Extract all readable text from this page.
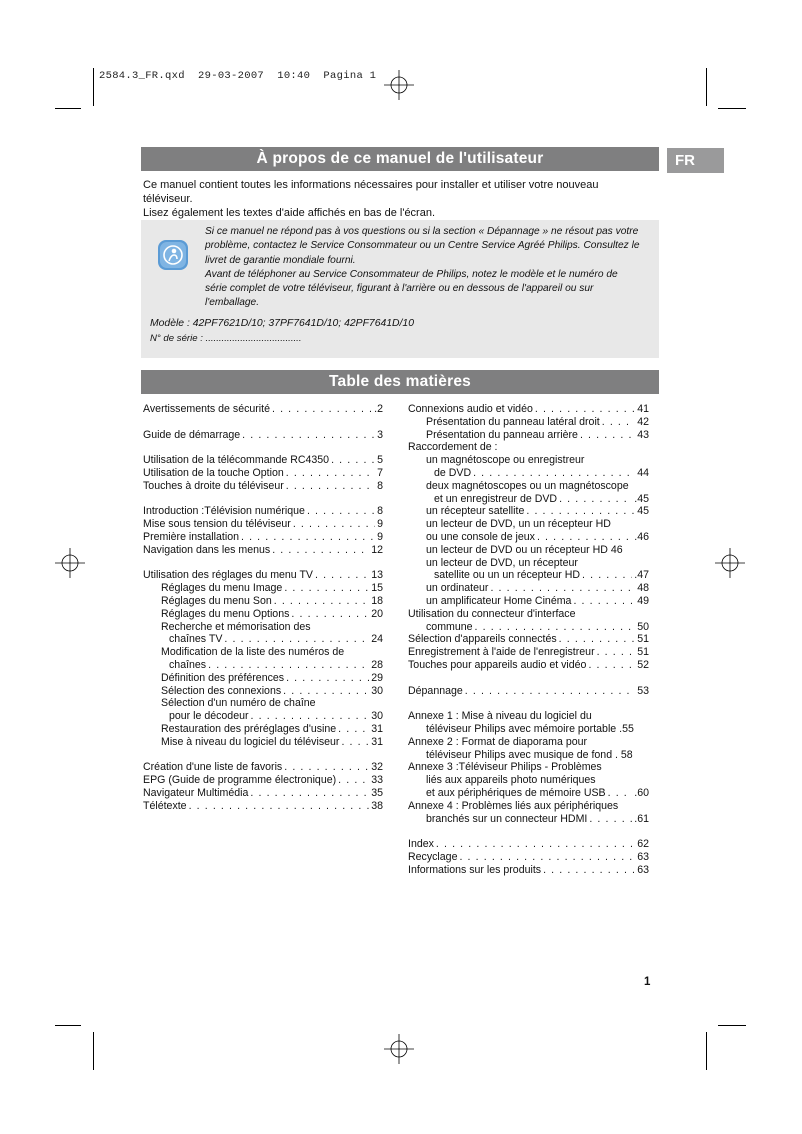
2584.3_FR.qxd  29-03-2007  10:40  Pagina 1
À propos de ce manuel de l'utilisateur	FR

Ce manuel contient toutes les informations nécessaires pour installer et utiliser votre nouveau

téléviseur.

Lisez également les textes d'aide affichés en bas de l'écran.

Si ce manuel ne répond pas à vos questions ou si la section « Dépannage » ne résout pas votre

problème, contactez le Service Consommateur ou un Centre Service Agréé Philips. Consultez le

livret de garantie mondiale fourni.

Avant de téléphoner au Service Consommateur de Philips, notez le modèle et le numéro de

série complet de votre téléviseur, figurant à l'arrière ou en dessous de l'appareil ou sur

l'emballage.

Modèle : 42PF7621D/10; 37PF7641D/10; 42PF7641D/10

N° de série : ....................................

Table des matières
Avertissements de sécurité . . .	.2
Guide de démarrage . . .	3
Utilisation de la télécommande RC4350 . . .	5
Utilisation de la touche Option . . .	7
Touches à droite du téléviseur . . .	8
Introduction :Télévision numérique . . .	8
Mise sous tension du téléviseur . . .	9
Première installation . . .	9
Navigation dans les menus . . .	12
Utilisation des réglages du menu TV . . .	13
Réglages du menu Image . . .	15
Réglages du menu Son . . .	18
Réglages du menu Options . . .	20
Recherche et mémorisation des
chaînes TV . . .	24
Modification de la liste des numéros de
chaînes . . .	28
Définition des préférences . . .	29
Sélection des connexions . . .	30
Sélection d'un numéro de chaîne
pour le décodeur . . .	30
Restauration des préréglages d'usine . . .	31
Mise à niveau du logiciel du téléviseur . . .	31
Création d'une liste de favoris . . .	32
EPG (Guide de programme électronique) . . .	33
Navigateur Multimédia . . .	35
Télétexte . . .	38
Connexions audio et vidéo . . .	41
Présentation du panneau latéral droit . . .	42
Présentation du panneau arrière . . .	43
Raccordement de :
un magnétoscope ou enregistreur
de DVD . . .	44
deux magnétoscopes ou un magnétoscope
et un enregistreur de DVD . . .	.45
un récepteur satellite . . .	45
un lecteur de DVD, un un récepteur HD
ou une console de jeux . . .	.46
un lecteur de DVD ou un récepteur HD 46
un lecteur de DVD, un récepteur
satellite ou un un récepteur HD . . .	.47
un ordinateur . . .	48
un amplificateur Home Cinéma . . .	49
Utilisation du connecteur d'interface
commune . . .	50
Sélection d'appareils connectés . . .	51
Enregistrement à l'aide de l'enregistreur . . .	51
Touches pour appareils audio et vidéo . . .	52
Dépannage . . .	53
Annexe 1 : Mise à niveau du logiciel du
téléviseur Philips avec mémoire portable .55
Annexe 2 : Format de diaporama pour
téléviseur Philips avec musique de fond . 58
Annexe 3 :Téléviseur Philips - Problèmes
liés aux appareils photo numériques
et aux périphériques de mémoire USB . . .	.60
Annexe 4 : Problèmes liés aux périphériques
branchés sur un connecteur HDMI . . .	.61
Index . . .	62
Recyclage . . .	63
Informations sur les produits . . .	63
1
